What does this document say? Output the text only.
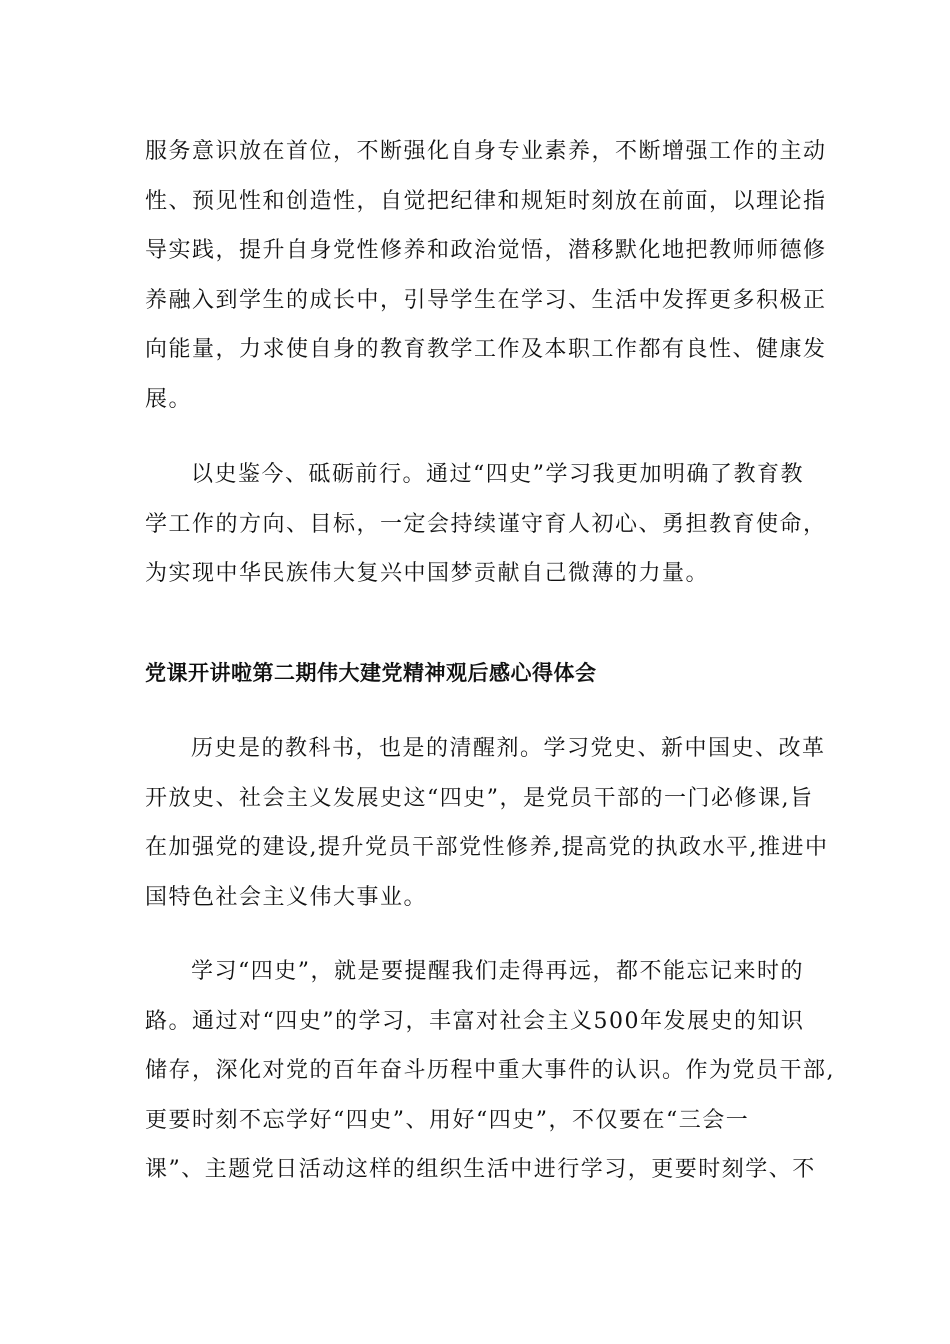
服务意识放在首位，不断强化自身专业素养，不断增强工作的主动
性、预见性和创造性，自觉把纪律和规矩时刻放在前面，以理论指
导实践，提升自身党性修养和政治觉悟，潜移默化地把教师师德修
养融入到学生的成长中，引导学生在学习、生活中发挥更多积极正
向能量，力求使自身的教育教学工作及本职工作都有良性、健康发
展。
以史鉴今、砥砺前行。通过“四史”学习我更加明确了教育教
学工作的方向、目标，一定会持续谨守育人初心、勇担教育使命，
为实现中华民族伟大复兴中国梦贡献自己微薄的力量。
党课开讲啦第二期伟大建党精神观后感心得体会
历史是的教科书，也是的清醒剂。学习党史、新中国史、改革
开放史、社会主义发展史这“四史”，是党员干部的一门必修课,旨
在加强党的建设,提升党员干部党性修养,提高党的执政水平,推进中
国特色社会主义伟大事业。
学习“四史”，就是要提醒我们走得再远，都不能忘记来时的
路。通过对“四史”的学习，丰富对社会主义500年发展史的知识
储存，深化对党的百年奋斗历程中重大事件的认识。作为党员干部,
更要时刻不忘学好“四史”、用好“四史”，不仅要在“三会一
课”、主题党日活动这样的组织生活中进行学习，更要时刻学、不
